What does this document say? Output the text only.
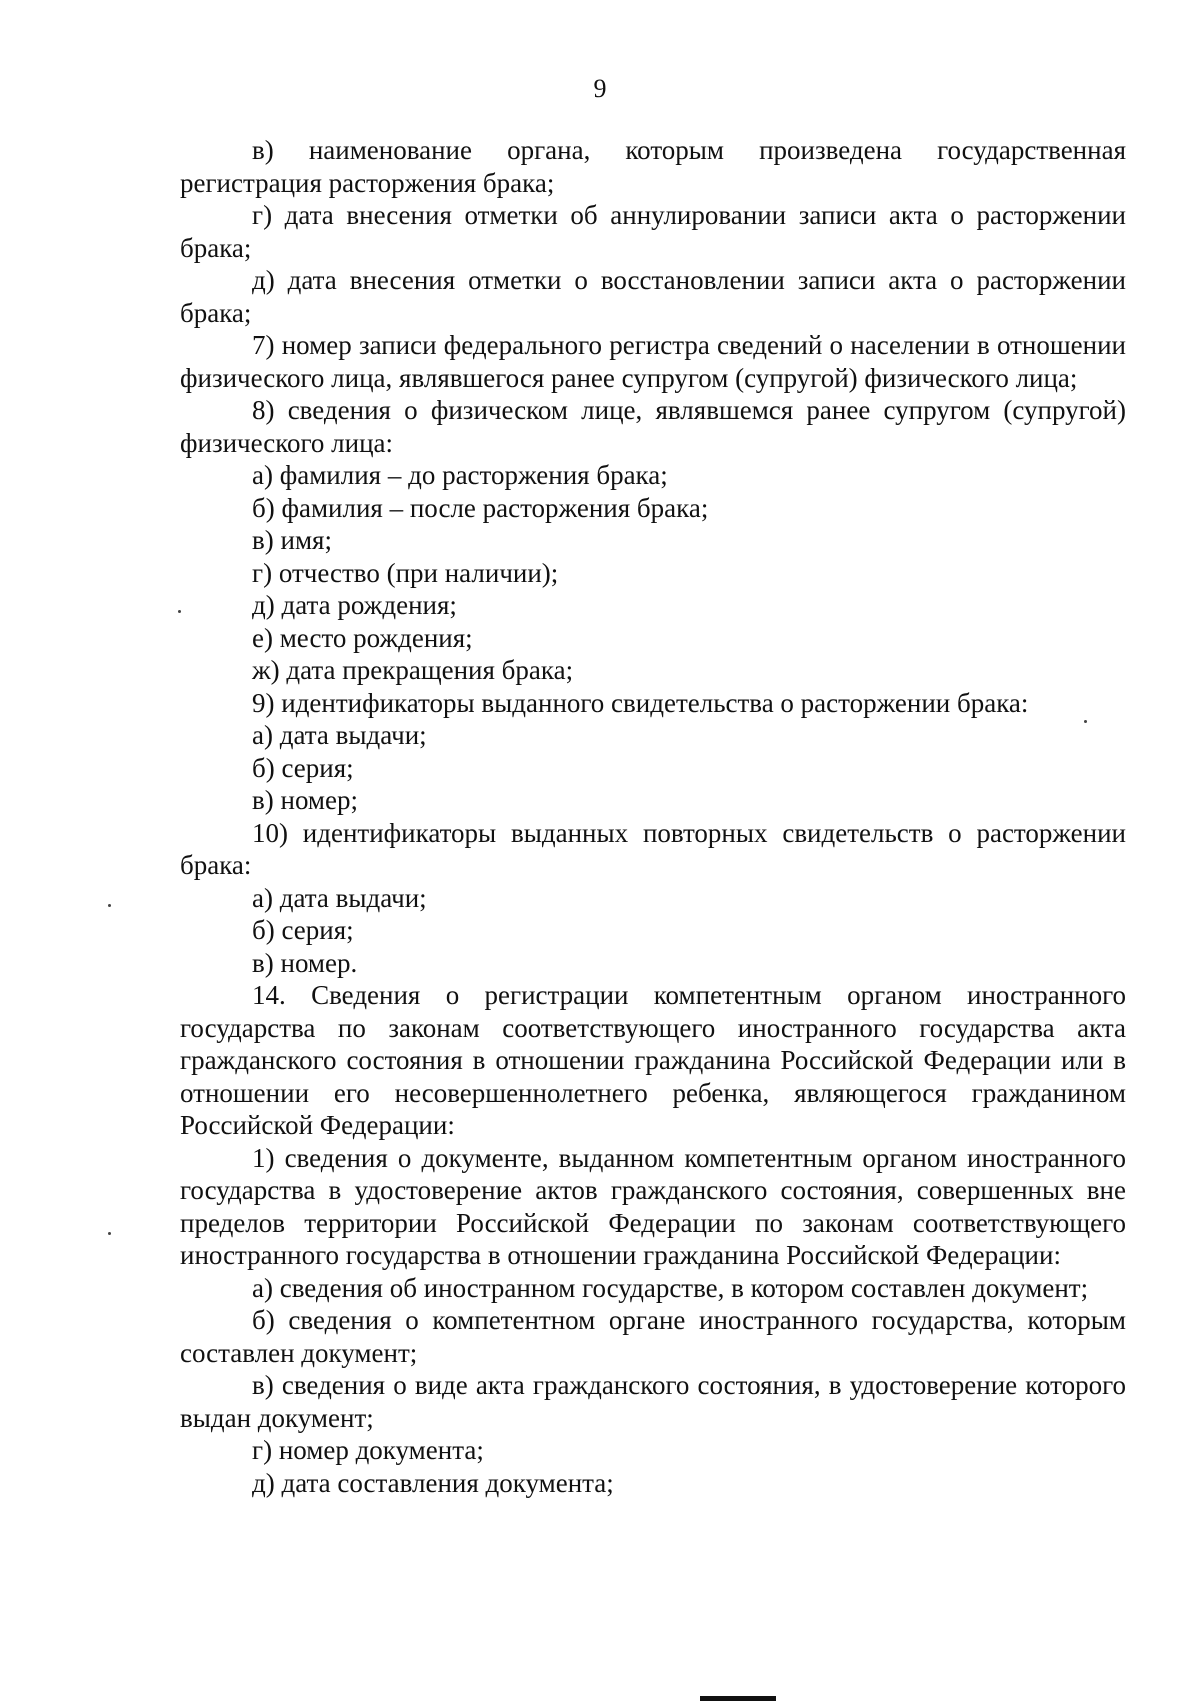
9

в) наименование органа, которым произведена государственная регистрация расторжения брака;

г) дата внесения отметки об аннулировании записи акта о расторжении брака;

д) дата внесения отметки о восстановлении записи акта о расторжении брака;

7) номер записи федерального регистра сведений о населении в отношении физического лица, являвшегося ранее супругом (супругой) физического лица;

8) сведения о физическом лице, являвшемся ранее супругом (супругой) физического лица:

а) фамилия – до расторжения брака;

б) фамилия – после расторжения брака;

в) имя;

г) отчество (при наличии);

д) дата рождения;

е) место рождения;

ж) дата прекращения брака;

9) идентификаторы выданного свидетельства о расторжении брака:

а) дата выдачи;

б) серия;

в) номер;

10) идентификаторы выданных повторных свидетельств о расторжении брака:

а) дата выдачи;

б) серия;

в) номер.

14. Сведения о регистрации компетентным органом иностранного государства по законам соответствующего иностранного государства акта гражданского состояния в отношении гражданина Российской Федерации или в отношении его несовершеннолетнего ребенка, являющегося гражданином Российской Федерации:

1) сведения о документе, выданном компетентным органом иностранного государства в удостоверение актов гражданского состояния, совершенных вне пределов территории Российской Федерации по законам соответствующего иностранного государства в отношении гражданина Российской Федерации:

а) сведения об иностранном государстве, в котором составлен документ;

б) сведения о компетентном органе иностранного государства, которым составлен документ;

в) сведения о виде акта гражданского состояния, в удостоверение которого выдан документ;

г) номер документа;

д) дата составления документа;
